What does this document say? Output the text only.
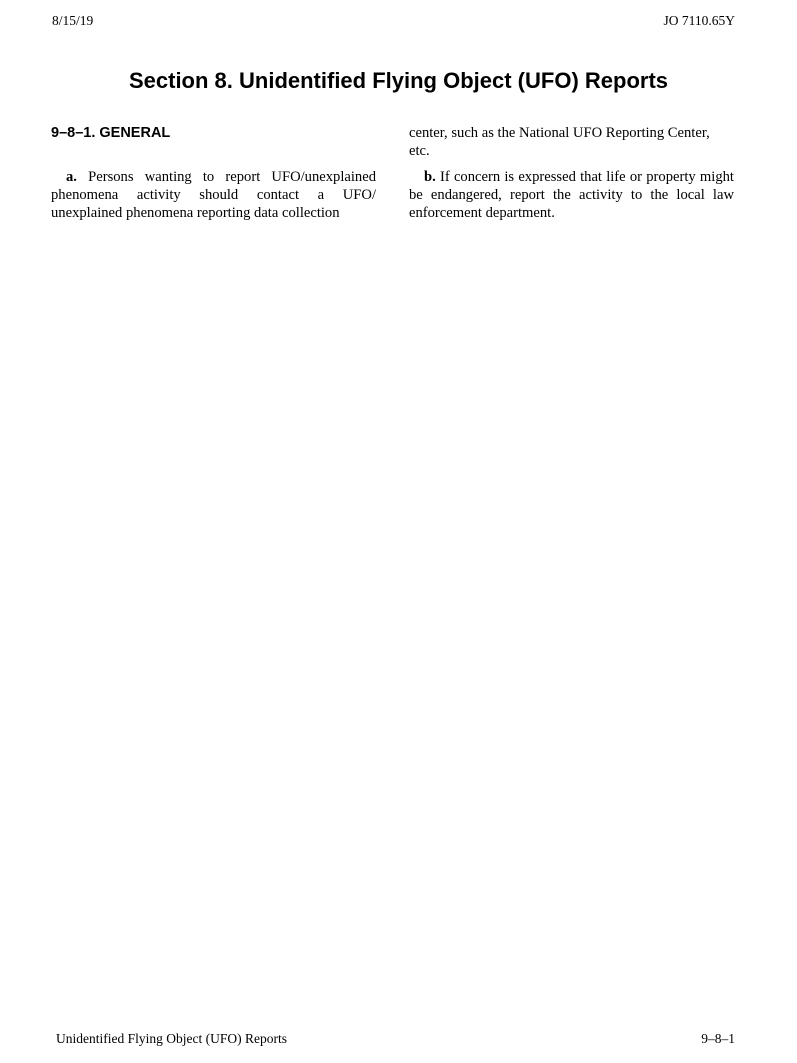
8/15/19	JO 7110.65Y
Section 8. Unidentified Flying Object (UFO) Reports
9–8–1. GENERAL

a. Persons wanting to report UFO/unexplained phenomena activity should contact a UFO/ unexplained phenomena reporting data collection

center, such as the National UFO Reporting Center, etc.

b. If concern is expressed that life or property might be endangered, report the activity to the local law enforcement department.

Unidentified Flying Object (UFO) Reports	9–8–1
